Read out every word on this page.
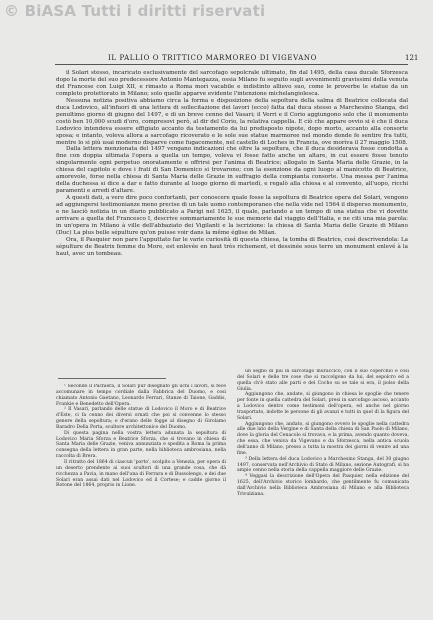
© BiASA Tutti i diritti riservati
IL PALLIO O TRITTICO MARMOREO DI VIGEVANO	121

il Solari stesso, incaricato esclusivamente del sarcofago sepolcrale ultimato, fin dal 1495, della casa ducale Sforzesca dopo la morte del suo predecessore Antonio Mantegazza, ossia Milano fu seguito sugli avvenimenti gravissimi della venuta del Francese con Luigi XII, e rimasto a Roma morì vacabile e indistinto allievo suo, come le proverbe le statue da un completo protettorato in Milano; solo quelle apparve evidente l'intenzione michelangiolesca.

Nessuna notizia positiva abbiamo circa la forma e disposizione della sepoltura della salma di Beatrice collocata dal duca Lodovico, all'infuori di una lettera di sollecitazione dei lavori (ecco) fatta dal duca stesso a Marchesino Stanga, del penultimo giorno di giugno del 1497, e di un breve cenno del Vasari; il Verri e il Corio aggiungono solo che il monumento costò ben 10,000 scudi d'oro, compresovi però, al dir del Corio, la relativa cappella. E ciò che appare ovvio si è che il duca Lodovico intendeva essere effigiato accanto da testamento da lui predisposto nipote, dopo morto, accanto alla consorte sposa; e intanto, voleva allora a sarcofago ricoverato e le sole sue statue marmoree nel mondo donde fe sentire fra tutti, mentre lo si più usai moderno disparve come fugacemente, nel castello di Loches in Francia, ove morìva il 27 maggio 1508.

Dalla lettera menzionata del 1497 vengano indicazioni che oltre la sepoltura, che il duca desiderava fosse condotta a fine con doppia ultimata l'opera a quella un tempo, voleva vi fosse fatto anche un altare, in cui essere fosse tenuto singolarmente ogni perpetuo onoratamente e offrirsi per l'anima di Beatrice; allogato in Santa Maria delle Grazie, in la chiesa del capitolo e dove i frati di San Domenico si trovarono; con la esenzione da ogni luogo al manicotto di Beatrice, amorevole, forse nella chiesa di Santa Maria delle Grazie in suffragio della compianta consorte. Una messa per l'anima della duchessa si dice a dar e fatto durante al luogo giorno di martedì, e regalò alla chiesa e al convento, all'uopo, ricchi paramenti e arredi d'altare.

A questi dati, a vero dire poco confortanti, per conoscere quale fosse la sepoltura di Beatrice opera del Solari, vengono ad aggiungersi testimonianze meno precise di un tale uomo contemporaneo che nella vide nel 1564 il disperso monumento, e ne lasciò notizia in un diario pubblicato a Parigi nel 1625, il quale, parlando a un tempo di una statua che vi dovette arrivare a quella del Francesco I, descrive sommariamente le sue memorie dal viaggio dell'Italia, e ne citi una mia parola: in un'opera in Milano à ville dell'abbaziato dei Vigilanti e la iscrizione: la chiesa di Santa Maria delle Grazie di Milano (Duc) La plus belle sépulture qu'on puisse voir dans la même église de Milan.

Ora, il Pasquier non pare l'apputtato far le varie curiosità di questa chiesa, la tomba di Beatrice, così descrivendola: La sépulture de Beatrix femme du More, est enlevée en haut très richement, et dessinée sous terre un monument enlevé à la haut, avec un tombeau.

¹ Secondo il Pachiera, il Solari pur disegnato gli uchi i lavori, si fece accomunare in tempo cordiale dalla Fabbrica del Duomo, e così chiamato Antonio Gaetano, Leonardo Ferrari, Stanze di Taione, Gaddis, Frankie e Benedetto dell'Opera.

² Il Vasari, parlando delle statue di Lodovico il Moro e di Beatrice d'Este, ci fa cenno dei diversi ornati che poi si convenne lo stesso genere della sepoltura; e d'erano delle fogge al disegno di Girolamo Baradro Della Porta, scultore architettonico del Duomo.

Di questa pagina nella vostra lettera adunata la sepoltura di Lodovico Maria Sforza e Beatrice Sforza, che si trovano in chiesa di Santa Maria delle Grazie, veniva annunziata e spedita a Roma la prima consegna della lettera in gran parte, nella biblioteca ambrosiana, nella raccolta di Brera.

Il ritratto del 1864 di ciascun 'porto', scolpito a Venezia, per opera di un deserto prendente ai suoi scultori di una grande cosa, che dà ricchezza a Pavia, in mano dell'una di Ferrara e di Bussolengo, e dei due Solari eran assai dati nel Lodovico ed il Cortese; e cadde giorno il Rotone del 1864, proprio in Lione.

un segno di più in sarcofago muraccico, con il suo coperchio e così del Solari e delle tre cose che si raccolgono da lui, del sepolcro ed a quella ch'è stato alle parti e del Cocho su se tale si era, il polso della Giulia.

Aggiungono che, andate, si giungono in chiesa le spoglie che tenere per fonte in quella cattedra del Solari, presi in sarcofago ascoso, accanto a Lodovico dentro come testimoni dell'opera, ed anche nel giorno trasportato, indotte le persone di gli avanzi e tutti in quel dì la figura del Solari.

Aggiungono che, andato, si giungono ovvero le spoglie nella cattedra alle due lato della Vergine e di Santa della chiesa di San Paolo di Milano, dove la gloria del Cenacolo si trovava, e la prima, avendo quanto doveva, che essa, che veniva da Vigevano e da Sforzesca, nella antica scuola dell'anno di Milano, presso a tutta la mostra dei giorni di venire ad una fine.

³ Della lettera del duca Lodovico a Marchesino Stanga, del 30 giugno 1497, conservata nell'Archivio di Stato di Milano, sezione Autografi, si ha ampio cenno nella storia della cappella maggiore delle Grazie.

⁴ Veggasi la descrizione dell'Opera del Pasquier, nella edizione del 1625, dell'Archivio storico lombardo, che gentilmente fu comunicata dall'Archivio nella Biblioteca Ambrosiana di Milano e alla Biblioteca Trivulziana.
